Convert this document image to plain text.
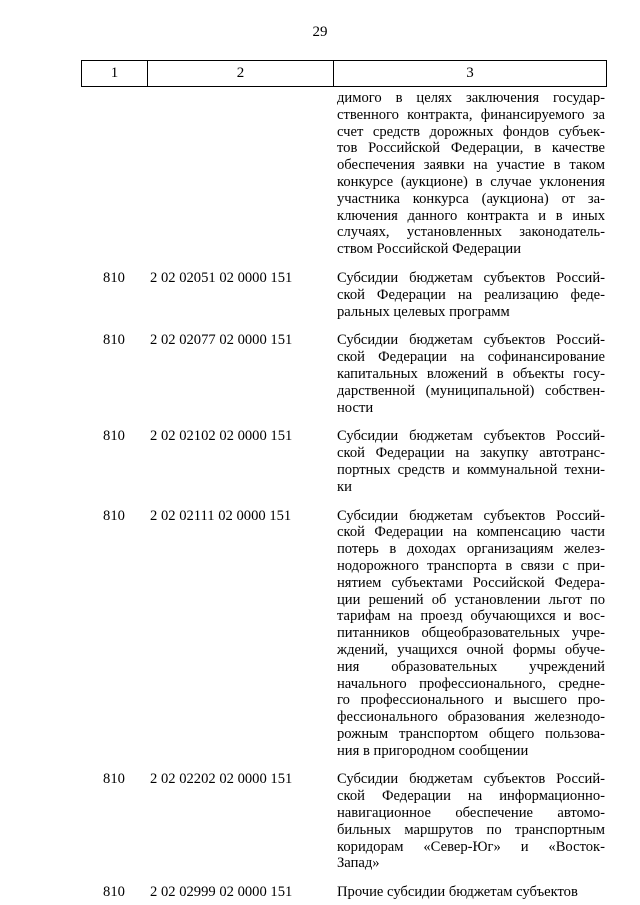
29
1	2	3
димого в целях заключения государ-
ственного контракта, финансируемого за
счет средств дорожных фондов субъек-
тов Российской Федерации, в качестве
обеспечения заявки на участие в таком
конкурсе (аукционе) в случае уклонения
участника конкурса (аукциона) от за-
ключения данного контракта и в иных
случаях, установленных законодатель-
ством Российской Федерации
810	2 02 02051 02 0000 151	Субсидии бюджетам субъектов Россий-
ской Федерации на реализацию феде-
ральных целевых программ
810	2 02 02077 02 0000 151	Субсидии бюджетам субъектов Россий-
ской Федерации на софинансирование
капитальных вложений в объекты госу-
дарственной (муниципальной) собствен-
ности
810	2 02 02102 02 0000 151	Субсидии бюджетам субъектов Россий-
ской Федерации на закупку автотранс-
портных средств и коммунальной техни-
ки
810	2 02 02111 02 0000 151	Субсидии бюджетам субъектов Россий-
ской Федерации на компенсацию части
потерь в доходах организациям желез-
нодорожного транспорта в связи с при-
нятием субъектами Российской Федера-
ции решений об установлении льгот по
тарифам на проезд обучающихся и вос-
питанников общеобразовательных учре-
ждений, учащихся очной формы обуче-
ния образовательных учреждений
начального профессионального, средне-
го профессионального и высшего про-
фессионального образования железнодо-
рожным транспортом общего пользова-
ния в пригородном сообщении
810	2 02 02202 02 0000 151	Субсидии бюджетам субъектов Россий-
ской Федерации на информационно-
навигационное обеспечение автомо-
бильных маршрутов по транспортным
коридорам «Север-Юг» и «Восток-
Запад»
810	2 02 02999 02 0000 151	Прочие субсидии бюджетам субъектов
